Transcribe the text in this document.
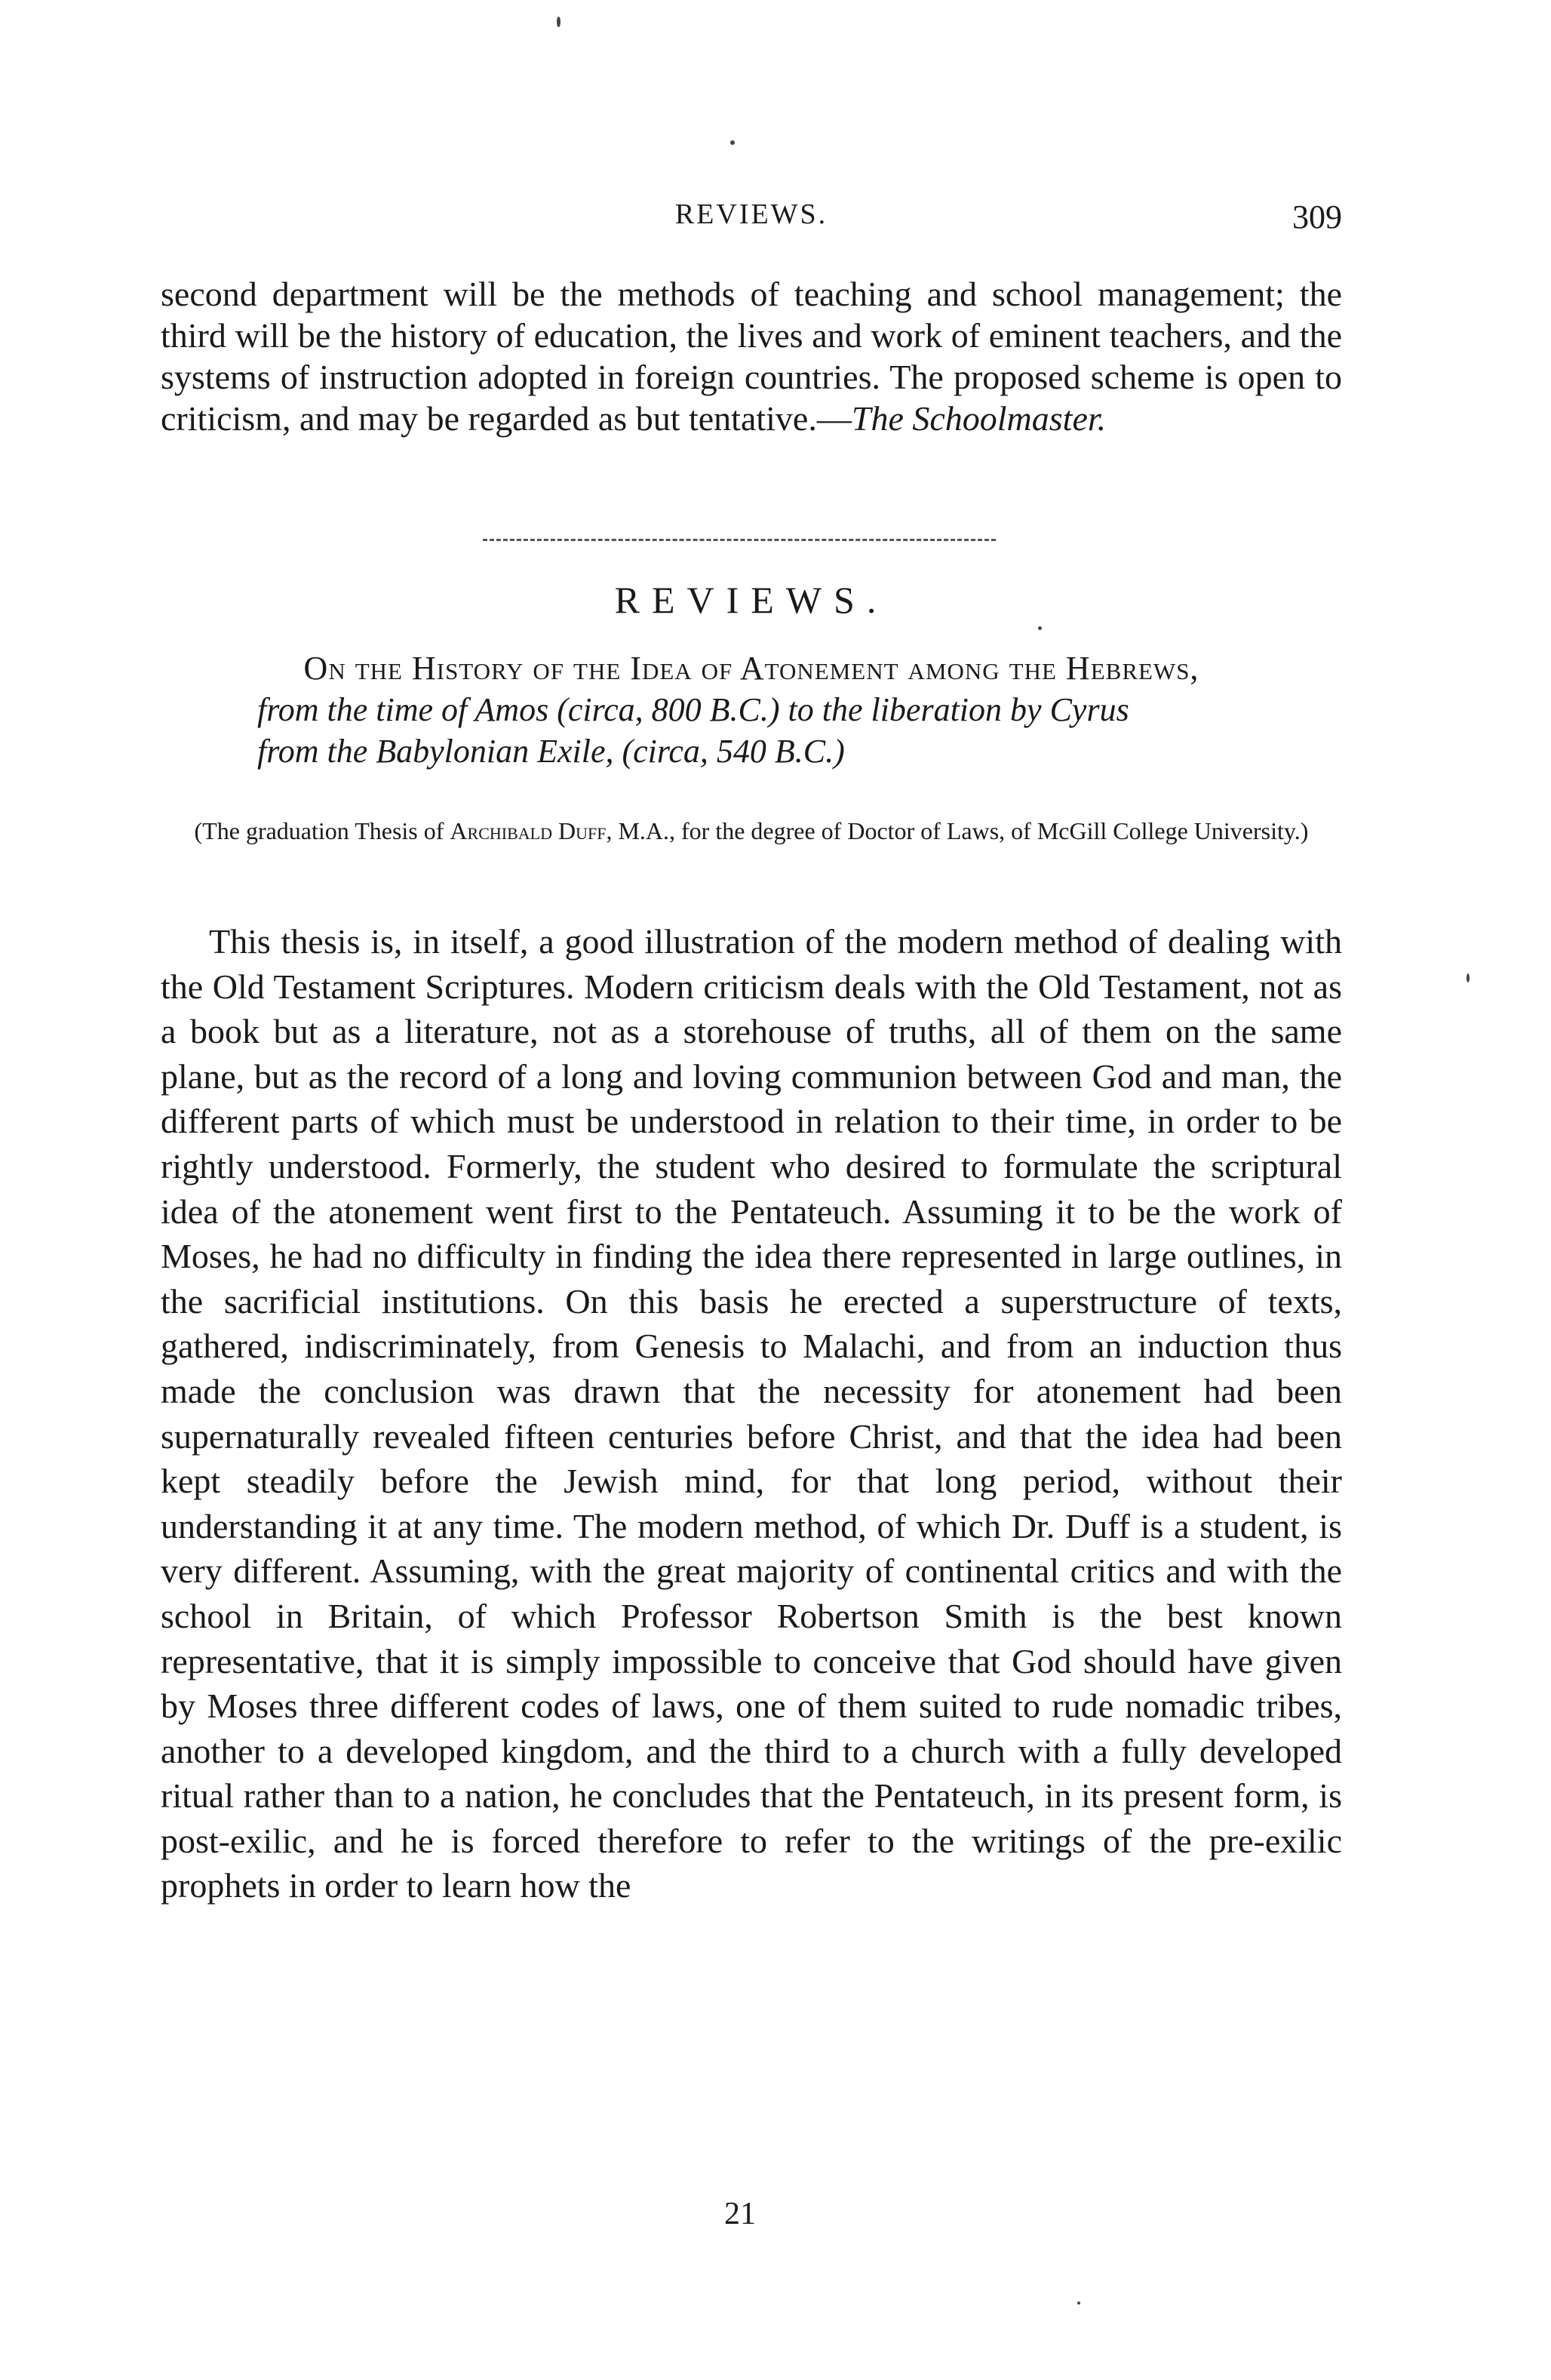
REVIEWS.	309
second department will be the methods of teaching and school management; the third will be the history of education, the lives and work of eminent teachers, and the systems of instruction adopted in foreign countries. The proposed scheme is open to criticism, and may be regarded as but tentative.—The Schoolmaster.
REVIEWS.
On the History of the Idea of Atonement among the Hebrews,
from the time of Amos (circa, 800 B.C.) to the liberation by Cyrus
from the Babylonian Exile, (circa, 540 B.C.)
(The graduation Thesis of Archibald Duff, M.A., for the degree of Doctor of Laws, of McGill College University.)
This thesis is, in itself, a good illustration of the modern method of dealing with the Old Testament Scriptures. Modern criticism deals with the Old Testament, not as a book but as a literature, not as a storehouse of truths, all of them on the same plane, but as the record of a long and loving communion between God and man, the different parts of which must be understood in relation to their time, in order to be rightly understood. Formerly, the student who desired to formulate the scriptural idea of the atonement went first to the Pentateuch. Assuming it to be the work of Moses, he had no difficulty in finding the idea there represented in large outlines, in the sacrificial institutions. On this basis he erected a superstructure of texts, gathered, indiscriminately, from Genesis to Malachi, and from an induction thus made the conclusion was drawn that the necessity for atonement had been supernaturally revealed fifteen centuries before Christ, and that the idea had been kept steadily before the Jewish mind, for that long period, without their understanding it at any time. The modern method, of which Dr. Duff is a student, is very different. Assuming, with the great majority of continental critics and with the school in Britain, of which Professor Robertson Smith is the best known representative, that it is simply impossible to conceive that God should have given by Moses three different codes of laws, one of them suited to rude nomadic tribes, another to a developed kingdom, and the third to a church with a fully developed ritual rather than to a nation, he concludes that the Pentateuch, in its present form, is post-exilic, and he is forced therefore to refer to the writings of the pre-exilic prophets in order to learn how the
21
